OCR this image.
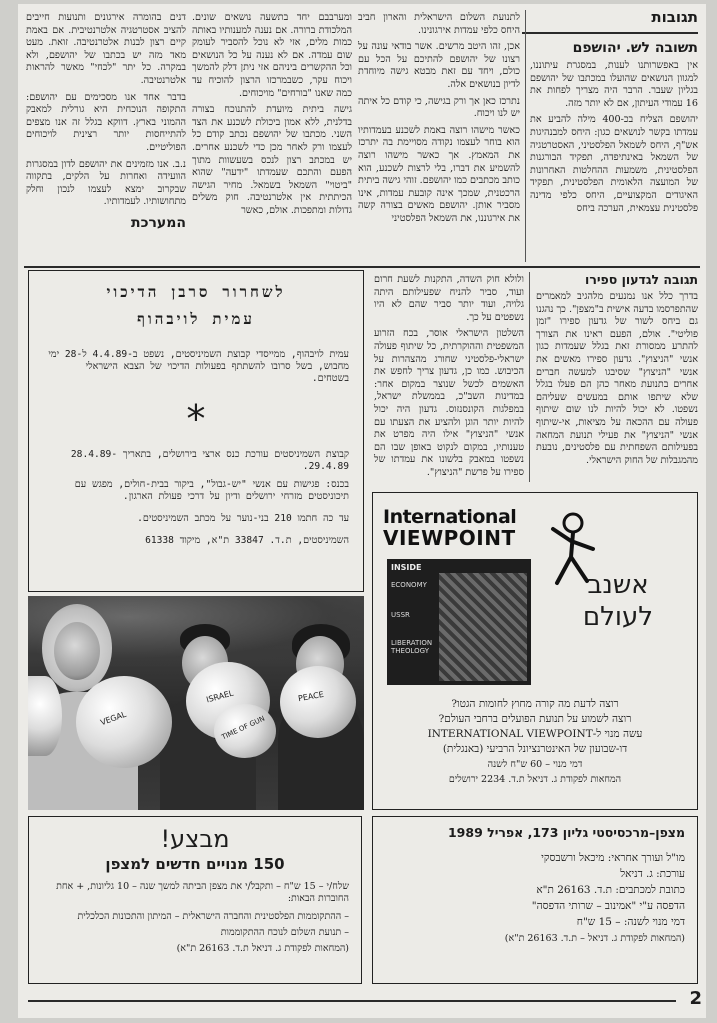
תגובות
תשובה לש. יהושפם

אין באפשרותנו לענות, במסגרת עיתוננו, למגוון הנושאים שהועלו במכתבו של יהושפם בגליון שעבר. הרבר היה מצריך לפחות את 16 עמודי העיתון, אם לא יותר מזה.

יהושפם הצליח בכ-400 מילה להביע את עמדתו בקשר לנושאים כגון: היחס למבנהיגות אש"ף, היחס לשמאל הפלסטיני, האסטרטגיה של השמאל באינתיפדה, תפקיד הבורגנות הפלסטינית, משמעות ההחלטות האחרונות של המועצה הלאומית הפלסטינית, תפקיד האיגודים המקצועיים, היחס כלפי מדינה פלסטינית עצמאית, הערכה ביחס

לתנועת השלום הישראלית והארון חביב היחס כלפי עמדות אירגונינו.

אכן, זהו היטב מרשים. אשר בודאי עונה על רצונו של יהושפם להתיכם על הכל עם כולם, ויחד עם זאת מבטא גישה מיוחדת לדיון בנושאים אלה.

נתרכז כאן אך ורק בגישה, כי קודם כל איתה יש לנו ויכוח.

כאשר מישהו רוצה באמת לשכנע בעמדותיו הוא בוחר לעצמו נקודה מסויימת בה יתרכז את המאמץ. אך כאשר מישהו רוצה להשמיע את דברו, בלי לרצות לשכנע, הוא כותב מכתבים כמו יהושפם. זוהי גישה ביתית הרכטנית, שמכך אינה קובעת עמדות, אינו מסביר אותן. יהושפם מאשים בצורה קשה את אירגוננו, את השמאל הפלסטיני

ומערבבם יחד בתשעה נושאים שונים. המלכודת ברורה. אם נענה למענותיו באותה כמות מלים, אזי לא נוכל להסביר לעומק שום עמדה. אם לא נענה על כל הנושאים וכל ההקשרים ביניהם אזי ניתן דלק להמשך ויכוח עקר, כשבמרכזו הרצון להוכיח עד כמה שאנו "בורחים" מויכוחים.

גישה ביתית מיועדת להתנוכח בצורה בדלנית, ללא אמון ביכולת לשכנע את הצד השני. מכתבו של יהושפם נכתב קודם כל לעצמו ורק לאחר מכן כדי לשכנע אחרים. יש במכתב רצון לנכס בשעשוות מתוך הפעם והתכם שעמדתו "ידעה" שהוא "ביטוי" השמאל בשמאל. מחיר הגישה הכיתתית אין אלטרנטיבה. חוק משלים גדולות ומתפכות. אולם, כאשר

דנים בהומרה אירגונים ותנועות חייבים להציב אסטרטגיה אלטרנטיבית. אם באמת קיים רצון לבנות אלטרנטיבה. זואת. מעט מאד מזה יש בכתבו של יהושפם, ולא במקרה. כל יתר "לכחי" מאשר להראות אלטרנטיבה.

בדבר אחד אנו מסכימים עם יהושפם: התקופה הנוכחית היא גורלית למאבק ההמוני בארץ. דווקא בגלל זה אנו מצפים להתייחסות יותר רצינית לויכוחים הפוליטיים.

נ.ב. אנו מזמינים את יהושפם לדון במסגרות הוועידה ואחרות על הלקים, בתקווה שבקרוב ימצא לעצמו לנכון וחלק מתחושותיו. לעמדותיו.

המערכת
תגובה לגדעון ספירו

בדרך כלל אנו נמנעים מלהגיב למאמרים שהתפרסמו בדעה אישית ב"מצפן". כך נהגנו גם ביחס לשור של גדעון ספירו "זמן פוליטי". אולם, הפעם ראינו את הצורך להתרע ממסורת זאת בגלל שעמדות כגון אנשי "הניצוץ". גדעון ספירו מאשים את אנשי "הניצוץ" שסיבגו למעשה חברים אחרים בתנועת מאחר כהן הם פעלו בגלל שלא שיתפו אותם במעשים שעליהם נשפטו. לא יכול להיות לנו שום שיתוף פעולה עם ההכאה על מציאות, אי-שיתוף אנשי "הניצוץ" את פעילי תנועת המחאה בפעילותם השפחתית עם פלסטינים, נובעת מהמגבלות של החוק הישראלי.

ולולא חוק השדה, התקנות לשעת חרום ועוד, סביר להניח שפעילותם היתה גלויה, ועוד יותר סביר שהם לא היו נשפטים על כך.

השלטון הישראלי אוסר, בכח הזרוע המשפטית וההוקרתית, כל שיתוף פעולה ישראלי-פלסטיני שחורג מהצהרות על הכיבוש. כמו כן, גדעון צריך לחפש את האשמים לכשל שנוצר במקום אחר: במדינות השב"כ, בממשלת ישראל, במפלגות הקונסנזוס. גדעון היה יכול להיות יותר הוגן ולהציע את הצעתו עם אנשי "הניצוץ" אילו היה מפרט את טענותיו, במקום לנקוט באופן שבו הם נשפטו במאבק בלשונו את עמדתו של ספירו על פרשת "הניצוץ".

לשחרור סרבן הדיכוי
עמית לויבהוף

עמית לויבהוף, ממייסדי קבוצת השמיניסטים, נשפט ב-4.4.89 ל-28 ימי מחבוש, בשל סרובו להשתתף בפעולות הדיכוי של הצבא הישראלי בשטחים.

*

קבוצת השמיניסטים עורכת כנס ארצי בירושלים, בתאריך 28.4.89-29.4.89.

בכנס: פגישות עם אנשי "יש-גבול", ביקור בבית-חולים, מפגש עם תיכוניסטים מזרחי ירושלים ודיון על דרכי פעולת הארגון.

עד כה חתמו 210 בני-נוער על מכתב השמיניסטים.

השמיניסטים, ת.ד. 33847 ת"א, מיקוד 61338

VEGAL
ISRAEL
TIME OF GUN
PEACE
International
VIEWPOINT
INSIDE
ECONOMY
USSR
LIBERATION THEOLOGY
אשנב
לעולם
רוצה לדעת מה קורה מחוץ לחומות הגטו?
רוצה לשמוע על תנועת הפועלים ברחבי העולם?
עשה מנוי ל-INTERNATIONAL VIEWPOINT
דו-שבועון של האינטרנציונל הרביעי (באנגלית)
דמי מנוי – 60 ש"ח לשנה
המחאות לפקודת ג. דניאל ת.ד. 2234 ירושלים
מבצע!
150 מנויים חדשים למצפן
שלח/י – 15 ש"ח – ותקבל/י את מצפן הביתה למשך שנה – 10 גליונות, + אחת החוברות הבאות:
– ההתקוממות הפלסטינית והחברה הישראלית – המיתון והתכונות הכלכלית
– תנועת השלום לנוכח ההתקוממות
(המחאות לפקודת ג. דניאל ת.ד. 26163 ת"א)
מצפן–מרכסיסטי גליון 173, אפריל 1989
מו"ל ועורך אחראי: מיכאל ורשבסקי
עורכת: ג. דניאל
כתובת למכתבים: ת.ד. 26163 ת"א
הדפסה ע"י "אמינוב – שרותי הדפסה"
דמי מנוי לשנה: – 15 ש"ח
(המחאות לפקודת ג. דניאל – ת.ד. 26163 ת"א)
2
